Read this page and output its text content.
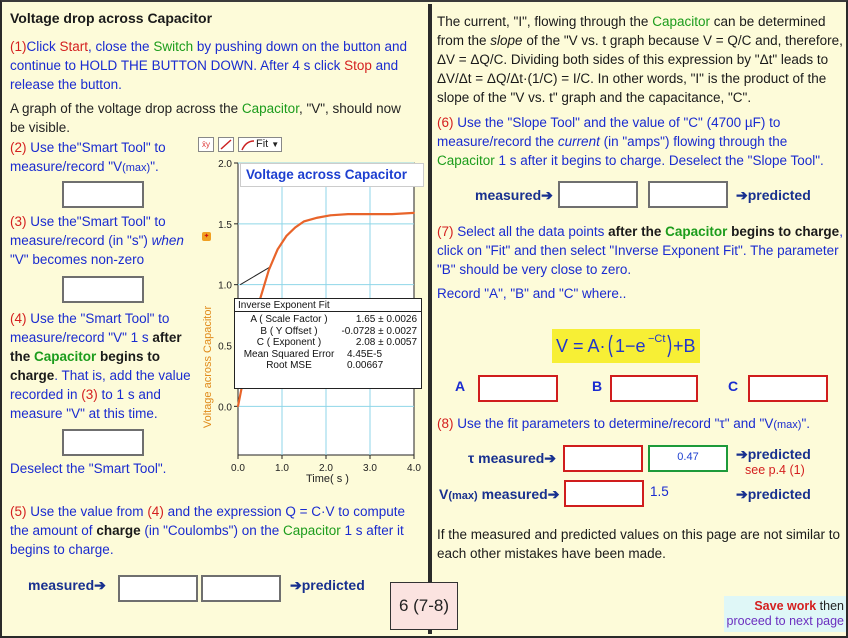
Voltage drop across Capacitor
(1)Click Start, close the Switch by pushing down on the button and continue to HOLD THE BUTTON DOWN. After 4 s click Stop and release the button.
A graph of the voltage drop across the Capacitor, "V", should now be visible.
(2) Use the"Smart Tool" to measure/record "V(max)".
(3) Use the"Smart Tool" to measure/record (in "s") when "V" becomes non-zero
(4) Use the "Smart Tool" to measure/record "V" 1 s after the Capacitor begins to charge. That is, add the value recorded in (3) to 1 s and measure "V" at this time.
Deselect the "Smart Tool".
(5) Use the value from (4) and the expression Q = C·V to compute the amount of charge (in "Coulombs") on the Capacitor 1 s after it begins to charge.
measured➔	➔predicted
x̄y	Fit ▼
0.0
0.5
1.0
1.5
2.0
0.0	1.0	2.0	3.0	4.0
Voltage across Capacitor
✦
Voltage across Capacitor
Time( s )
Inverse Exponent Fit
A ( Scale Factor )	1.65 ± 0.0026
B ( Y Offset )	-0.0728 ± 0.0027
C ( Exponent )	2.08 ± 0.0057
Mean Squared Error	4.45E-5
Root MSE	0.00667
The current, "I", flowing through the Capacitor can be determined from the slope of the "V vs. t graph because V = Q/C and, therefore, ΔV = ΔQ/C. Dividing both sides of this expression by "Δt" leads to ΔV/Δt = ΔQ/Δt·(1/C) = I/C. In other words, "I" is the product of the slope of the "V vs. t" graph and the capacitance, "C".
(6) Use the "Slope Tool" and the value of "C" (4700 µF) to measure/record the current (in "amps") flowing through the Capacitor 1 s after it begins to charge. Deselect the "Slope Tool".
measured➔	➔predicted
(7) Select all the data points after the Capacitor begins to charge, click on "Fit" and then select "Inverse Exponent Fit". The parameter "B" should be very close to zero.
Record "A", "B" and "C" where..
V = A· 1−e −Ct +B
A	B	C
(8) Use the fit parameters to determine/record "τ" and "V(max)".
τ measured➔	0.47	➔predicted
see p.4 (1)
V(max) measured➔	1.5	➔predicted
If the measured and predicted values on this page are not similar to each other mistakes have been made.
6 (7-8)	Save work then
proceed to next page
